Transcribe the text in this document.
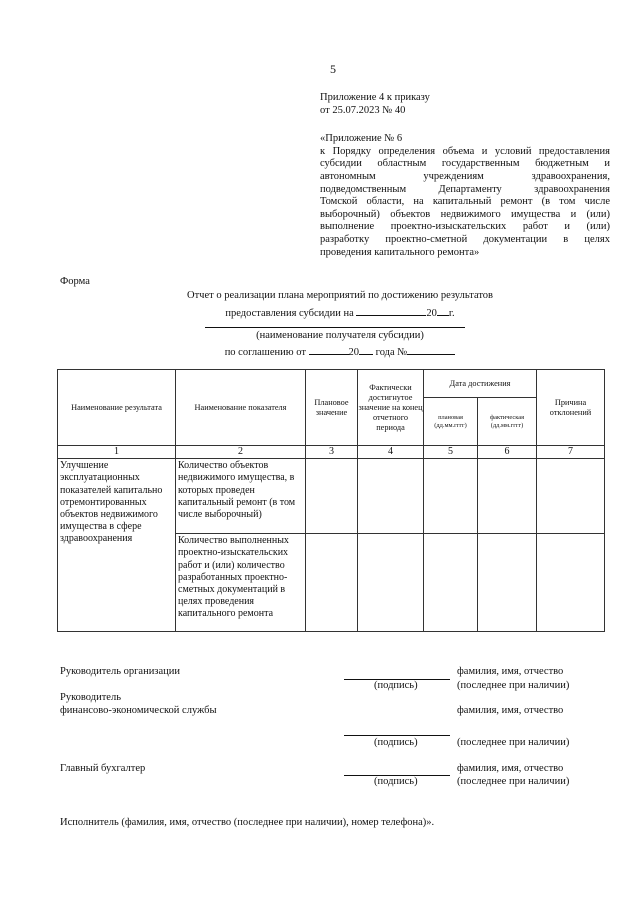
5
Приложение 4 к приказу
от 25.07.2023 № 40
«Приложение № 6
к Порядку определения объема и условий предоставления
субсидии областным государственным бюджетным и
автономным учреждениям здравоохранения,
подведомственным Департаменту здравоохранения
Томской области, на капитальный ремонт (в том числе
выборочный) объектов недвижимого имущества и (или)
выполнение проектно-изыскательских работ и (или)
разработку проектно-сметной документации в целях
проведения капитального ремонта»
Форма
Отчет о реализации плана мероприятий по достижению результатов
предоставления субсидии на	20 г.
(наименование получателя субсидии)
по соглашению от	20 года №
Наименование результата	Наименование показателя	Плановое значение	Фактически достигнутое значение на конец отчетного периода	Дата достижения		Причина отклонений
				плановая (дд.мм.гггг)	фактическая (дд.мм.гггг)	
1	2	3	4	5	6	7
Улучшение эксплуатационных показателей капитально отремонтированных объектов недвижимого имущества в сфере здравоохранения	Количество объектов недвижимого имущества, в которых проведен капитальный ремонт (в том числе выборочный)					
	Количество выполненных проектно-изыскательских работ и (или) количество разработанных проектно-сметных документаций в целях проведения капитального ремонта					
Руководитель организации	фамилия, имя, отчество
(подпись)	(последнее при наличии)
Руководитель
финансово-экономической службы	фамилия, имя, отчество
(подпись)	(последнее при наличии)
Главный бухгалтер	фамилия, имя, отчество
(подпись)	(последнее при наличии)
Исполнитель (фамилия, имя, отчество (последнее при наличии), номер телефона)».
